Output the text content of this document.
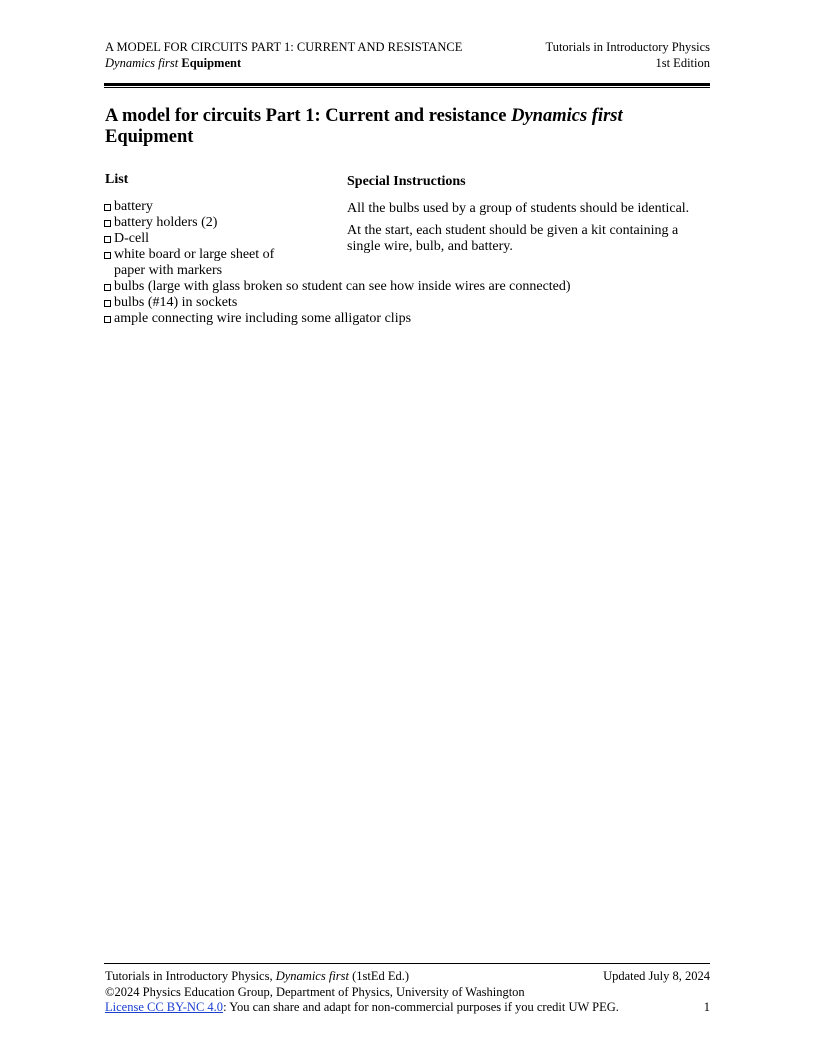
A MODEL FOR CIRCUITS PART 1: CURRENT AND RESISTANCE
Dynamics first Equipment
Tutorials in Introductory Physics
1st Edition
A model for circuits Part 1: Current and resistance Dynamics first
Equipment
List	Special Instructions
battery
battery holders (2)
D-cell
white board or large sheet of paper with markers
bulbs (large with glass broken so student can see how inside wires are connected)
bulbs (#14) in sockets
ample connecting wire including some alligator clips

All the bulbs used by a group of students should be identical.

At the start, each student should be given a kit containing a single wire, bulb, and battery.

Tutorials in Introductory Physics, Dynamics first (1stEd Ed.)	Updated July 8, 2024
©2024 Physics Education Group, Department of Physics, University of Washington
License CC BY-NC 4.0: You can share and adapt for non-commercial purposes if you credit UW PEG.	1
